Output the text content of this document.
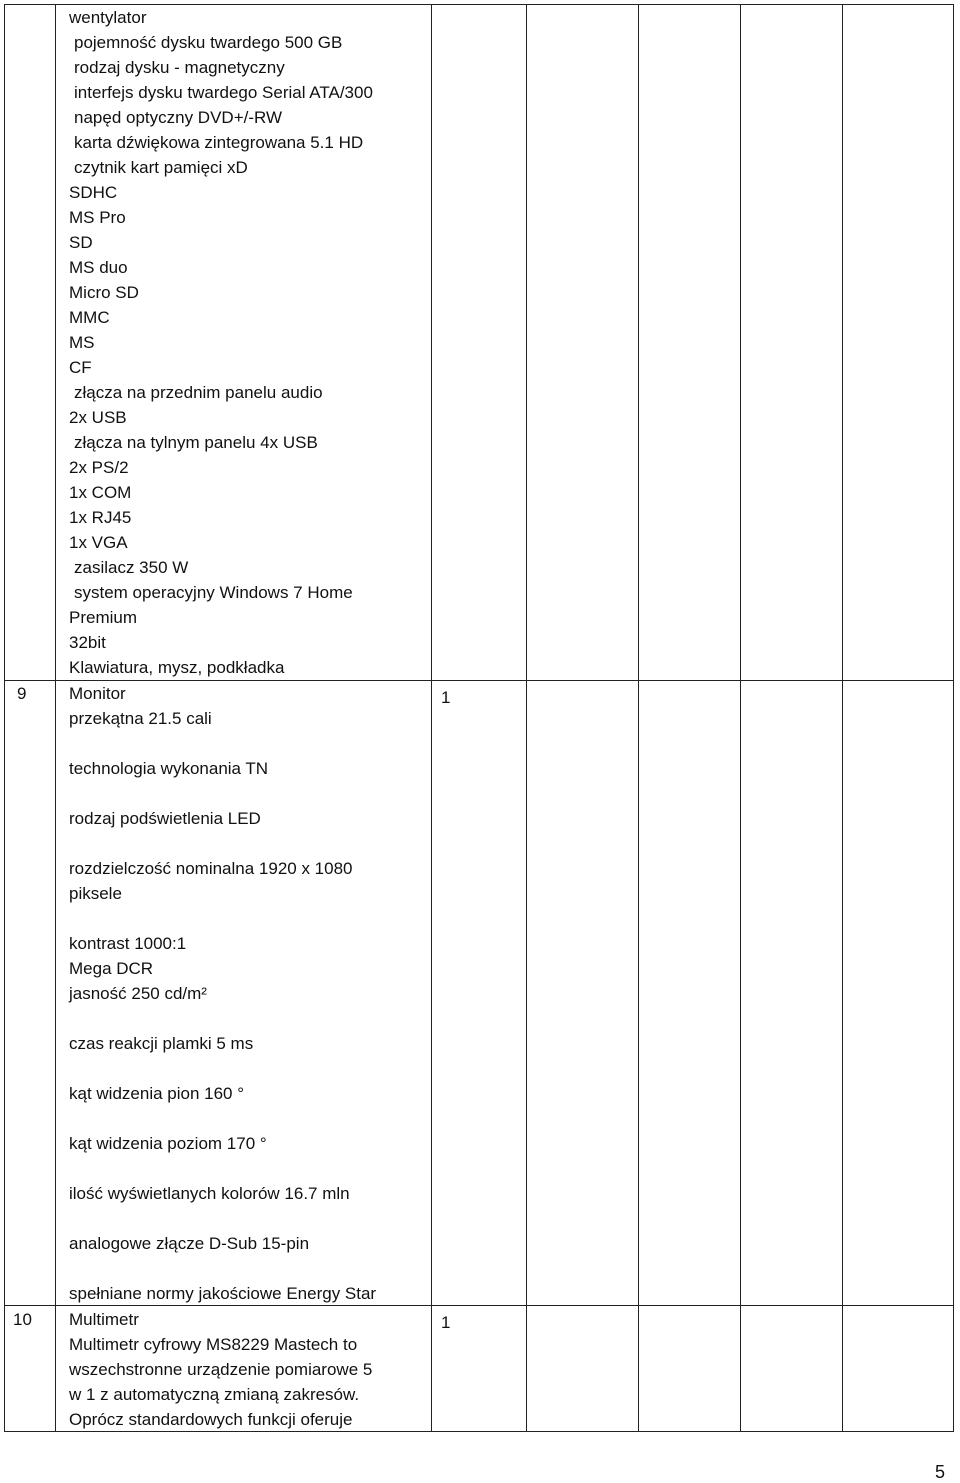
wentylator
pojemność dysku twardego 500 GB
rodzaj dysku - magnetyczny
interfejs dysku twardego Serial ATA/300
napęd optyczny DVD+/-RW
karta dźwiękowa zintegrowana 5.1 HD
czytnik kart pamięci xD
SDHC
MS Pro
SD
MS duo
Micro SD
MMC
MS
CF
złącza na przednim panelu audio
2x USB
złącza na tylnym panelu 4x USB
2x PS/2
1x COM
1x RJ45
1x VGA
zasilacz 350 W
system operacyjny Windows 7 Home
Premium
32bit
Klawiatura, mysz, podkładka
9	1
Monitor
przekątna 21.5 cali
technologia wykonania TN
rodzaj podświetlenia LED
rozdzielczość nominalna 1920 x 1080
piksele
kontrast 1000:1
Mega DCR
jasność 250 cd/m²
czas reakcji plamki 5 ms
kąt widzenia pion 160 °
kąt widzenia poziom 170 °
ilość wyświetlanych kolorów 16.7 mln
analogowe złącze D-Sub 15-pin
spełniane normy jakościowe Energy Star
10	1
Multimetr
Multimetr cyfrowy MS8229 Mastech to
wszechstronne urządzenie pomiarowe 5
w 1 z automatyczną zmianą zakresów.
Oprócz standardowych funkcji oferuje
5
